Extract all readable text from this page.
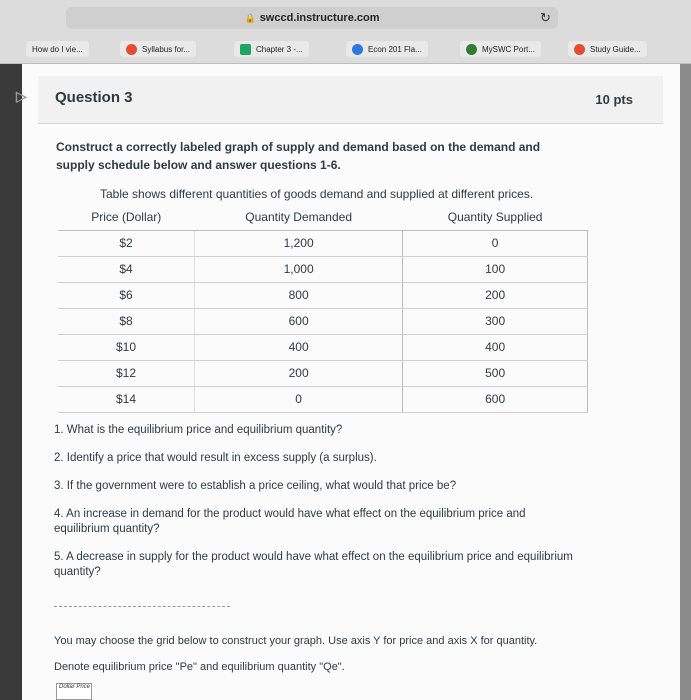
🔒 swccd.instructure.com	↻
How do I vie...	Syllabus for...	Chapter 3 -...	Econ 201 Fla...	MySWC Port...	Study Guide...
▷ Question 3	10 pts
Construct a correctly labeled graph of supply and demand based on the demand and supply schedule below and answer questions 1-6.
Table shows different quantities of goods demand and supplied at different prices.
Price (Dollar)	Quantity Demanded	Quantity Supplied
$2	1,200	0
$4	1,000	100
$6	800	200
$8	600	300
$10	400	400
$12	200	500
$14	0	600
1. What is the equilibrium price and equilibrium quantity?
2. Identify a price that would result in excess supply (a surplus).
3. If the government were to establish a price ceiling, what would that price be?
4. An increase in demand for the product would have what effect on the equilibrium price and equilibrium quantity?
5. A decrease in supply for the product would have what effect on the equilibrium price and equilibrium quantity?
You may choose the grid below to construct your graph. Use axis Y for price and axis X for quantity.
Denote equilibrium price "Pe" and equilibrium quantity "Qe".
Dollar Price
